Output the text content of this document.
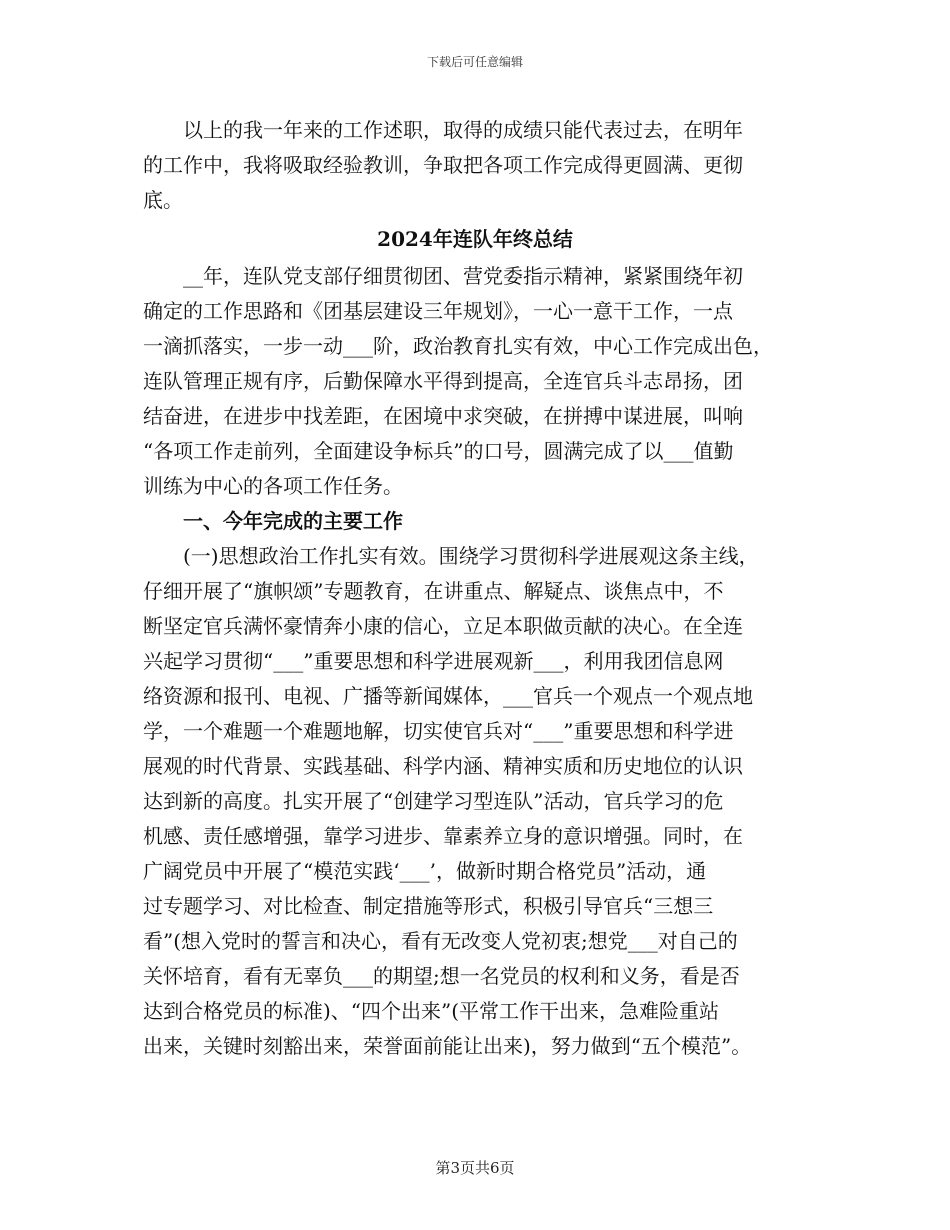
下载后可任意编辑
　　以上的我一年来的工作述职，取得的成绩只能代表过去，在明年
的工作中，我将吸取经验教训，争取把各项工作完成得更圆满、更彻
底。
2024年连队年终总结
　　__年，连队党支部仔细贯彻团、营党委指示精神，紧紧围绕年初
确定的工作思路和《团基层建设三年规划》，一心一意干工作，一点
一滴抓落实，一步一动___阶，政治教育扎实有效，中心工作完成出色，
连队管理正规有序，后勤保障水平得到提高，全连官兵斗志昂扬，团
结奋进，在进步中找差距，在困境中求突破，在拼搏中谋进展，叫响
“各项工作走前列，全面建设争标兵”的口号，圆满完成了以___值勤
训练为中心的各项工作任务。
　　一、今年完成的主要工作
　　(一)思想政治工作扎实有效。围绕学习贯彻科学进展观这条主线，
仔细开展了“旗帜颂”专题教育，在讲重点、解疑点、谈焦点中，不
断坚定官兵满怀豪情奔小康的信心，立足本职做贡献的决心。在全连
兴起学习贯彻“___”重要思想和科学进展观新___，利用我团信息网
络资源和报刊、电视、广播等新闻媒体，___官兵一个观点一个观点地
学，一个难题一个难题地解，切实使官兵对“___”重要思想和科学进
展观的时代背景、实践基础、科学内涵、精神实质和历史地位的认识
达到新的高度。扎实开展了“创建学习型连队”活动，官兵学习的危
机感、责任感增强，靠学习进步、靠素养立身的意识增强。同时，在
广阔党员中开展了“模范实践‘___’，做新时期合格党员”活动，通
过专题学习、对比检查、制定措施等形式，积极引导官兵“三想三
看”(想入党时的誓言和决心，看有无改变人党初衷;想党___对自己的
关怀培育，看有无辜负___的期望;想一名党员的权利和义务，看是否
达到合格党员的标准)、“四个出来”(平常工作干出来，急难险重站
出来，关键时刻豁出来，荣誉面前能让出来)，努力做到“五个模范”。
第3页共6页
